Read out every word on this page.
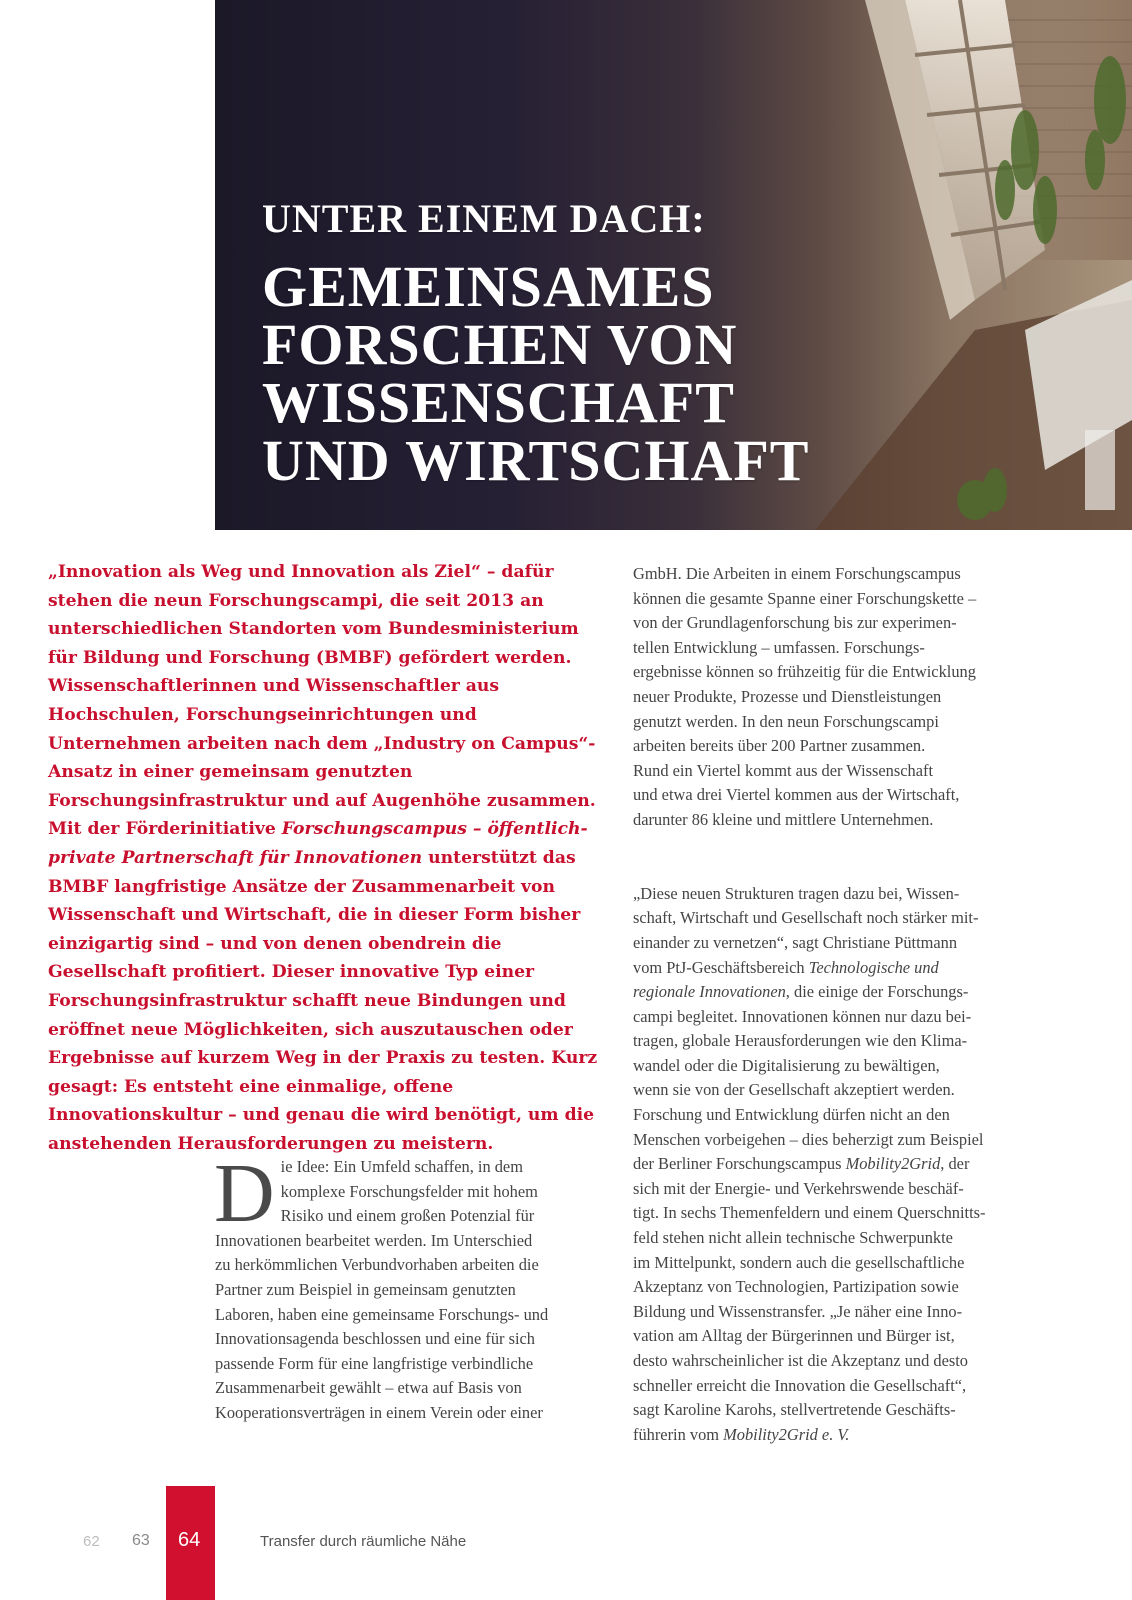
UNTER EINEM DACH:
GEMEINSAMES
FORSCHEN VON
WISSENSCHAFT
UND WIRTSCHAFT

„Innovation als Weg und Innovation als Ziel“ – dafür stehen die neun Forschungscampi, die seit 2013 an unterschiedlichen Standorten vom Bundesministerium für Bildung und Forschung (BMBF) gefördert werden. Wissenschaftlerinnen und Wissenschaftler aus Hochschulen, Forschungseinrichtungen und Unternehmen arbeiten nach dem „Industry on Campus“-Ansatz in einer gemeinsam genutzten Forschungsinfrastruktur und auf Augenhöhe zusammen. Mit der Förderinitiative Forschungscampus – öffentlich-private Partnerschaft für Innovationen unterstützt das BMBF langfristige Ansätze der Zusammenarbeit von Wissenschaft und Wirtschaft, die in dieser Form bisher einzigartig sind – und von denen obendrein die Gesellschaft profitiert. Dieser innovative Typ einer Forschungsinfrastruktur schafft neue Bindungen und eröffnet neue Möglichkeiten, sich auszutauschen oder Ergebnisse auf kurzem Weg in der Praxis zu testen. Kurz gesagt: Es entsteht eine einmalige, offene Innovationskultur – und genau die wird benötigt, um die anstehenden Herausforderungen zu meistern.

D ie Idee: Ein Umfeld schaffen, in dem
komplexe Forschungsfelder mit hohem
Risiko und einem großen Potenzial für
Innovationen bearbeitet werden. Im Unterschied
zu herkömmlichen Verbundvorhaben arbeiten die
Partner zum Beispiel in gemeinsam genutzten
Laboren, haben eine gemeinsame Forschungs- und
Innovationsagenda beschlossen und eine für sich
passende Form für eine langfristige verbindliche
Zusammenarbeit gewählt – etwa auf Basis von
Kooperationsverträgen in einem Verein oder einer
GmbH. Die Arbeiten in einem Forschungscampus
können die gesamte Spanne einer Forschungskette –
von der Grundlagenforschung bis zur experimen-
tellen Entwicklung – umfassen. Forschungs-
ergebnisse können so frühzeitig für die Entwicklung
neuer Produkte, Prozesse und Dienstleistungen
genutzt werden. In den neun Forschungscampi
arbeiten bereits über 200 Partner zusammen.
Rund ein Viertel kommt aus der Wissenschaft
und etwa drei Viertel kommen aus der Wirtschaft,
darunter 86 kleine und mittlere Unternehmen.
„Diese neuen Strukturen tragen dazu bei, Wissen-
schaft, Wirtschaft und Gesellschaft noch stärker mit-
einander zu vernetzen“, sagt Christiane Püttmann
vom PtJ-Geschäftsbereich Technologische und
regionale Innovationen, die einige der Forschungs-
campi begleitet. Innovationen können nur dazu bei-
tragen, globale Herausforderungen wie den Klima-
wandel oder die Digitalisierung zu bewältigen,
wenn sie von der Gesellschaft akzeptiert werden.
Forschung und Entwicklung dürfen nicht an den
Menschen vorbeigehen – dies beherzigt zum Beispiel
der Berliner Forschungscampus Mobility2Grid, der
sich mit der Energie- und Verkehrswende beschäf-
tigt. In sechs Themenfeldern und einem Querschnitts-
feld stehen nicht allein technische Schwerpunkte
im Mittelpunkt, sondern auch die gesellschaftliche
Akzeptanz von Technologien, Partizipation sowie
Bildung und Wissenstransfer. „Je näher eine Inno-
vation am Alltag der Bürgerinnen und Bürger ist,
desto wahrscheinlicher ist die Akzeptanz und desto
schneller erreicht die Innovation die Gesellschaft“,
sagt Karoline Karohs, stellvertretende Geschäfts-
führerin vom Mobility2Grid e. V.
62 63 64	Transfer durch räumliche Nähe
